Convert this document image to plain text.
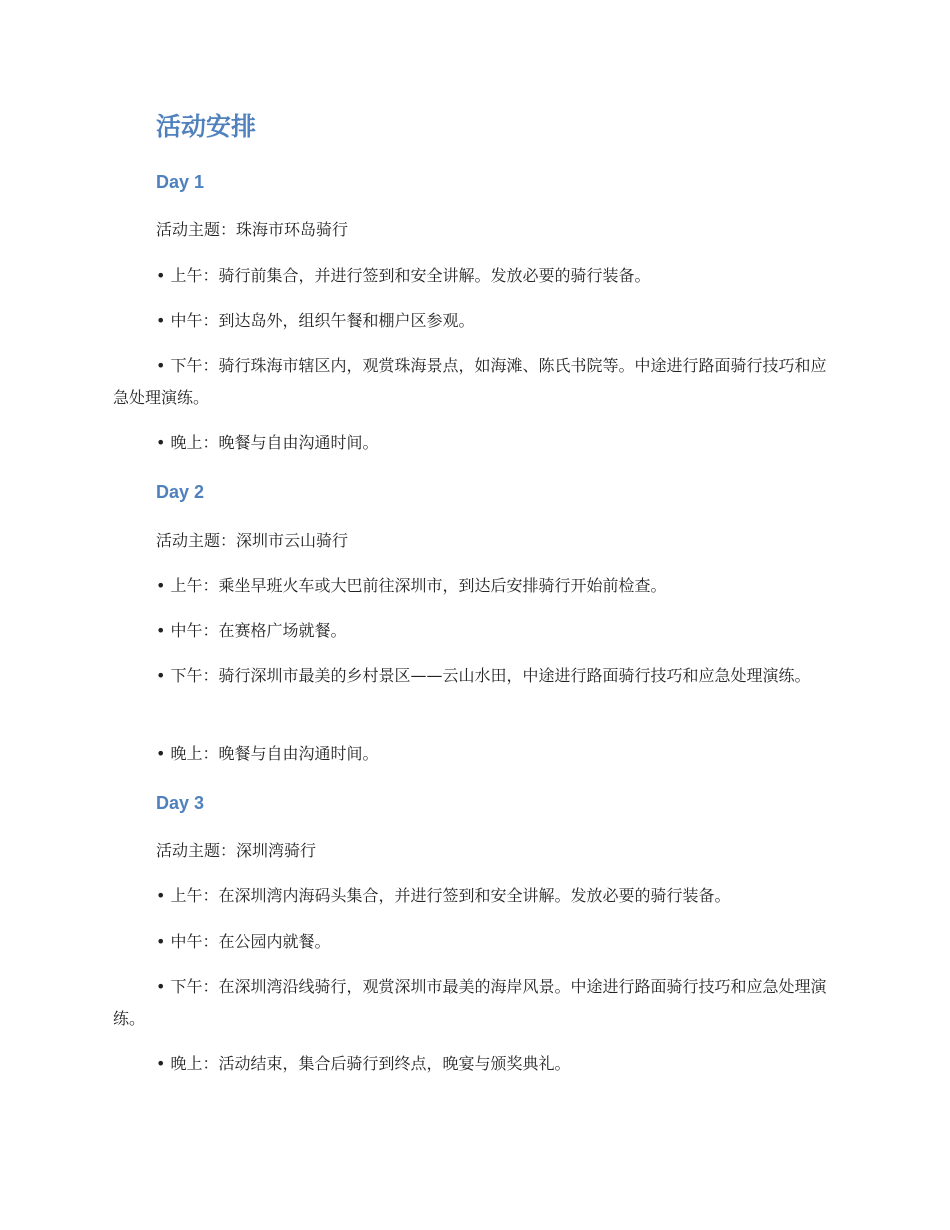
活动安排
Day 1

活动主题：珠海市环岛骑行

• 上午：骑行前集合，并进行签到和安全讲解。发放必要的骑行装备。

• 中午：到达岛外，组织午餐和棚户区参观。

• 下午：骑行珠海市辖区内，观赏珠海景点，如海滩、陈氏书院等。中途进行路面骑行技巧和应急处理演练。

• 晚上：晚餐与自由沟通时间。

Day 2

活动主题：深圳市云山骑行

• 上午：乘坐早班火车或大巴前往深圳市，到达后安排骑行开始前检查。

• 中午：在赛格广场就餐。

• 下午：骑行深圳市最美的乡村景区——云山水田，中途进行路面骑行技巧和应急处理演练。

• 晚上：晚餐与自由沟通时间。

Day 3

活动主题：深圳湾骑行

• 上午：在深圳湾内海码头集合，并进行签到和安全讲解。发放必要的骑行装备。

• 中午：在公园内就餐。

• 下午：在深圳湾沿线骑行，观赏深圳市最美的海岸风景。中途进行路面骑行技巧和应急处理演练。

• 晚上：活动结束，集合后骑行到终点，晚宴与颁奖典礼。
